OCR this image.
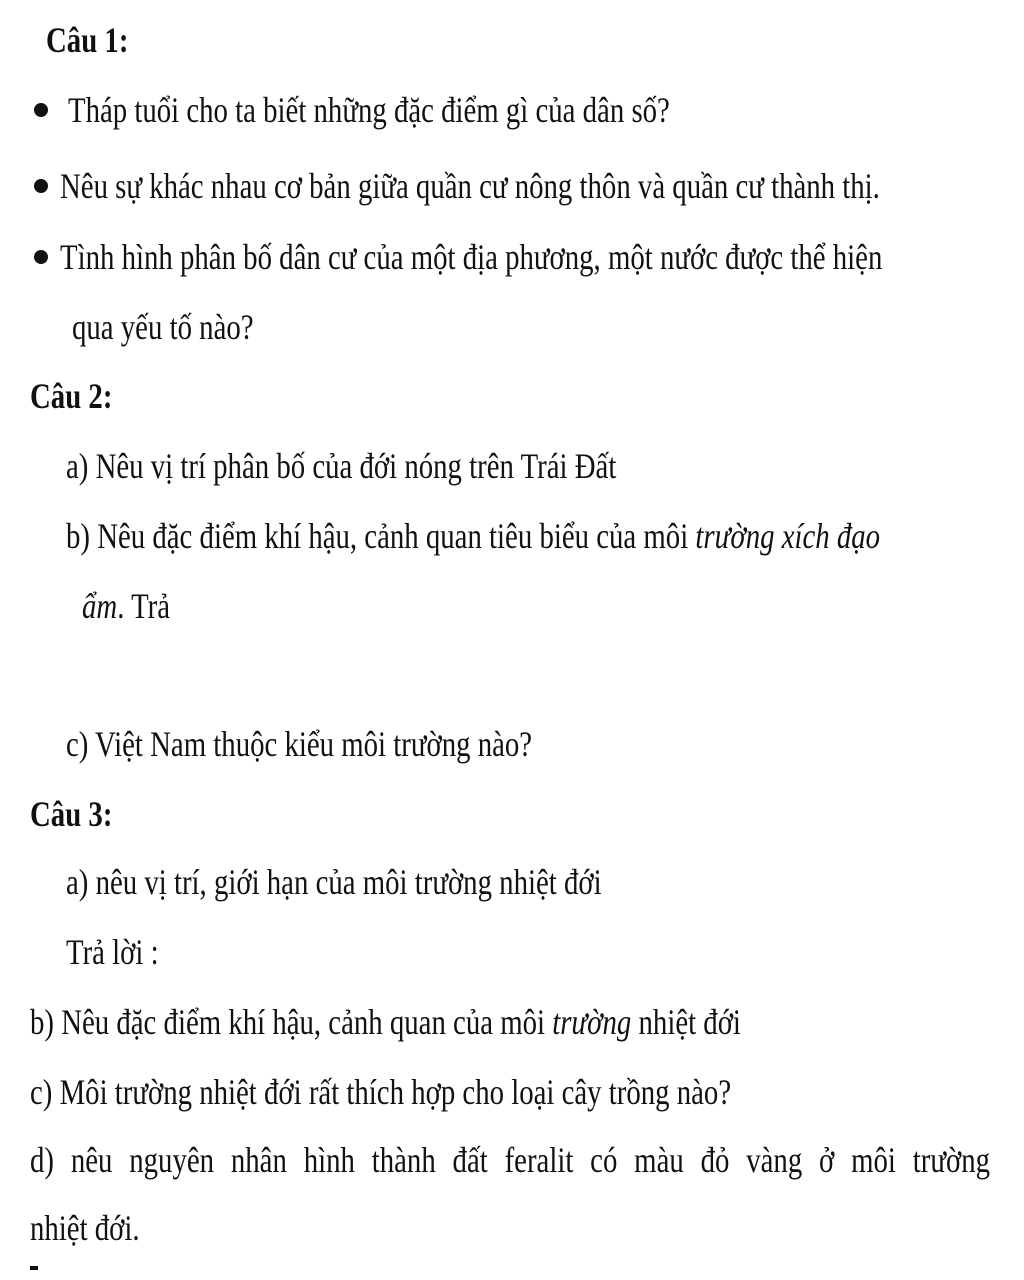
Câu 1:
Tháp tuổi cho ta biết những đặc điểm gì của dân số?
Nêu sự khác nhau cơ bản giữa quần cư nông thôn và quần cư thành thị.
Tình hình phân bố dân cư của một địa phương, một nước được thể hiện
qua yếu tố nào?
Câu 2:
a) Nêu vị trí phân bố của đới nóng trên Trái Đất
b) Nêu đặc điểm khí hậu, cảnh quan tiêu biểu của môi trường xích đạo
ẩm. Trả
c) Việt Nam thuộc kiểu môi trường nào?
Câu 3:
a) nêu vị trí, giới hạn của môi trường nhiệt đới
Trả lời :
b) Nêu đặc điểm khí hậu, cảnh quan của môi trường nhiệt đới
c) Môi trường nhiệt đới rất thích hợp cho loại cây trồng nào?
d) nêu nguyên nhân hình thành đất feralit có màu đỏ vàng ở môi trường
nhiệt đới.
